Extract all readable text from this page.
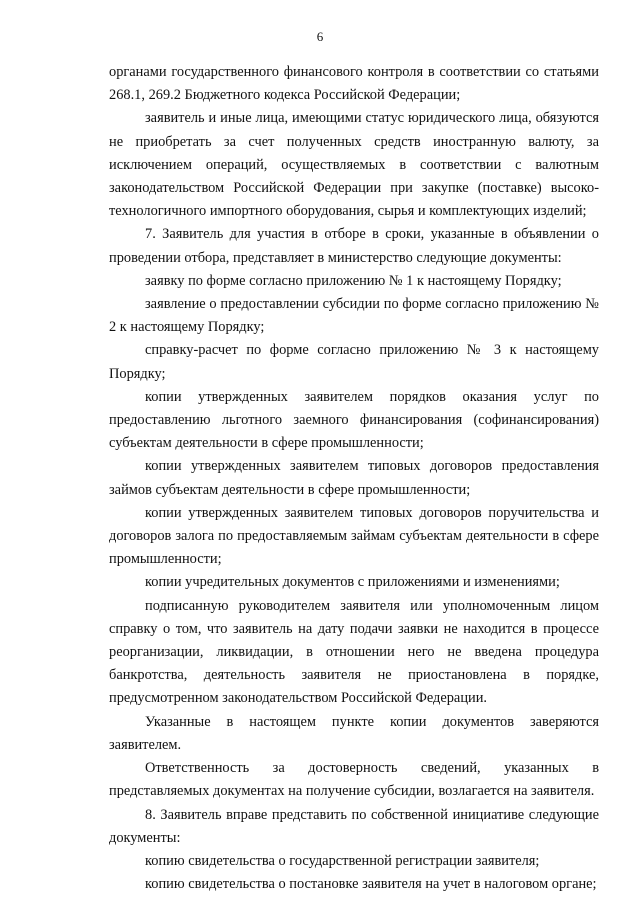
6

органами государственного финансового контроля в соответствии со статьями 268.1, 269.2 Бюджетного кодекса Российской Федерации;

заявитель и иные лица, имеющими статус юридического лица, обязуются не приобретать за счет полученных средств иностранную валюту, за исключением операций, осуществляемых в соответствии с валютным законодательством Российской Федерации при закупке (поставке) высоко-технологичного импортного оборудования, сырья и комплектующих изделий;

7. Заявитель для участия в отборе в сроки, указанные в объявлении о проведении отбора, представляет в министерство следующие документы:

заявку по форме согласно приложению № 1 к настоящему Порядку;

заявление о предоставлении субсидии по форме согласно приложению № 2 к настоящему Порядку;

справку-расчет по форме согласно приложению № 3 к настоящему Порядку;

копии утвержденных заявителем порядков оказания услуг по предоставлению льготного заемного финансирования (софинансирования) субъектам деятельности в сфере промышленности;

копии утвержденных заявителем типовых договоров предоставления займов субъектам деятельности в сфере промышленности;

копии утвержденных заявителем типовых договоров поручительства и договоров залога по предоставляемым займам субъектам деятельности в сфере промышленности;

копии учредительных документов с приложениями и изменениями;

подписанную руководителем заявителя или уполномоченным лицом справку о том, что заявитель на дату подачи заявки не находится в процессе реорганизации, ликвидации, в отношении него не введена процедура банкротства, деятельность заявителя не приостановлена в порядке, предусмотренном законодательством Российской Федерации.

Указанные в настоящем пункте копии документов заверяются заявителем.

Ответственность за достоверность сведений, указанных в представляемых документах на получение субсидии, возлагается на заявителя.

8. Заявитель вправе представить по собственной инициативе следующие документы:

копию свидетельства о государственной регистрации заявителя;

копию свидетельства о постановке заявителя на учет в налоговом органе;
